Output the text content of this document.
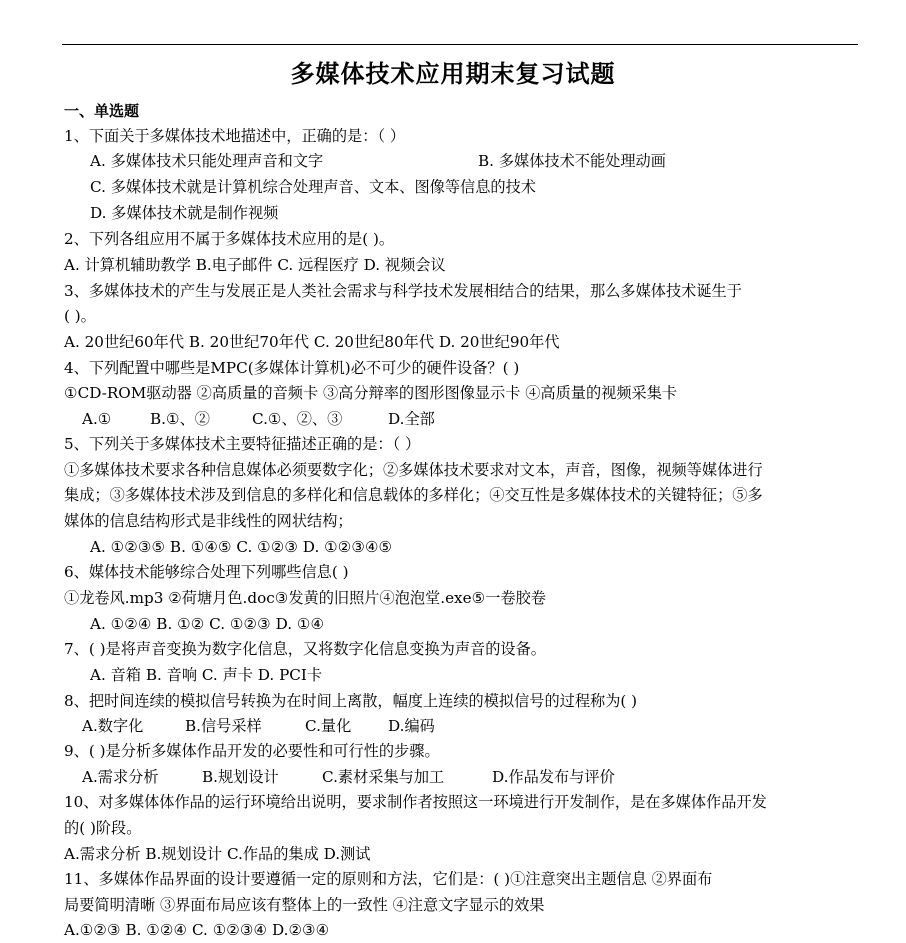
多媒体技术应用期末复习试题
一、单选题
1、下面关于多媒体技术地描述中，正确的是：（ ）
A. 多媒体技术只能处理声音和文字	B. 多媒体技术不能处理动画
C. 多媒体技术就是计算机综合处理声音、文本、图像等信息的技术
D. 多媒体技术就是制作视频
2、下列各组应用不属于多媒体技术应用的是( )。
A. 计算机辅助教学 B.电子邮件 C. 远程医疗 D. 视频会议
3、多媒体技术的产生与发展正是人类社会需求与科学技术发展相结合的结果，那么多媒体技术诞生于
( )。
A. 20世纪60年代 B. 20世纪70年代 C. 20世纪80年代 D. 20世纪90年代
4、下列配置中哪些是MPC(多媒体计算机)必不可少的硬件设备？( )
①CD-ROM驱动器 ②高质量的音频卡 ③高分辩率的图形图像显示卡 ④高质量的视频采集卡
A.①	B.①、②	C.①、②、③	D.全部
5、下列关于多媒体技术主要特征描述正确的是：（ ）
①多媒体技术要求各种信息媒体必须要数字化；②多媒体技术要求对文本，声音，图像，视频等媒体进行
集成；③多媒体技术涉及到信息的多样化和信息载体的多样化；④交互性是多媒体技术的关键特征；⑤多
媒体的信息结构形式是非线性的网状结构；
A. ①②③⑤ B. ①④⑤ C. ①②③ D. ①②③④⑤
6、媒体技术能够综合处理下列哪些信息( )
①龙卷风.mp3 ②荷塘月色.doc③发黄的旧照片④泡泡堂.exe⑤一卷胶卷
A. ①②④ B. ①② C. ①②③ D. ①④
7、( )是将声音变换为数字化信息，又将数字化信息变换为声音的设备。
A. 音箱 B. 音响 C. 声卡 D. PCI卡
8、把时间连续的模拟信号转换为在时间上离散，幅度上连续的模拟信号的过程称为( )
A.数字化	B.信号采样	C.量化 D.编码
9、( )是分析多媒体作品开发的必要性和可行性的步骤。
A.需求分析	B.规划设计	C.素材采集与加工	D.作品发布与评价
10、对多媒体体作品的运行环境给出说明，要求制作者按照这一环境进行开发制作，是在多媒体作品开发
的( )阶段。
A.需求分析 B.规划设计 C.作品的集成 D.测试
11、多媒体作品界面的设计要遵循一定的原则和方法，它们是：( )①注意突出主题信息 ②界面布
局要简明清晰 ③界面布局应该有整体上的一致性 ④注意文字显示的效果
A.①②③ B. ①②④ C. ①②③④ D.②③④
